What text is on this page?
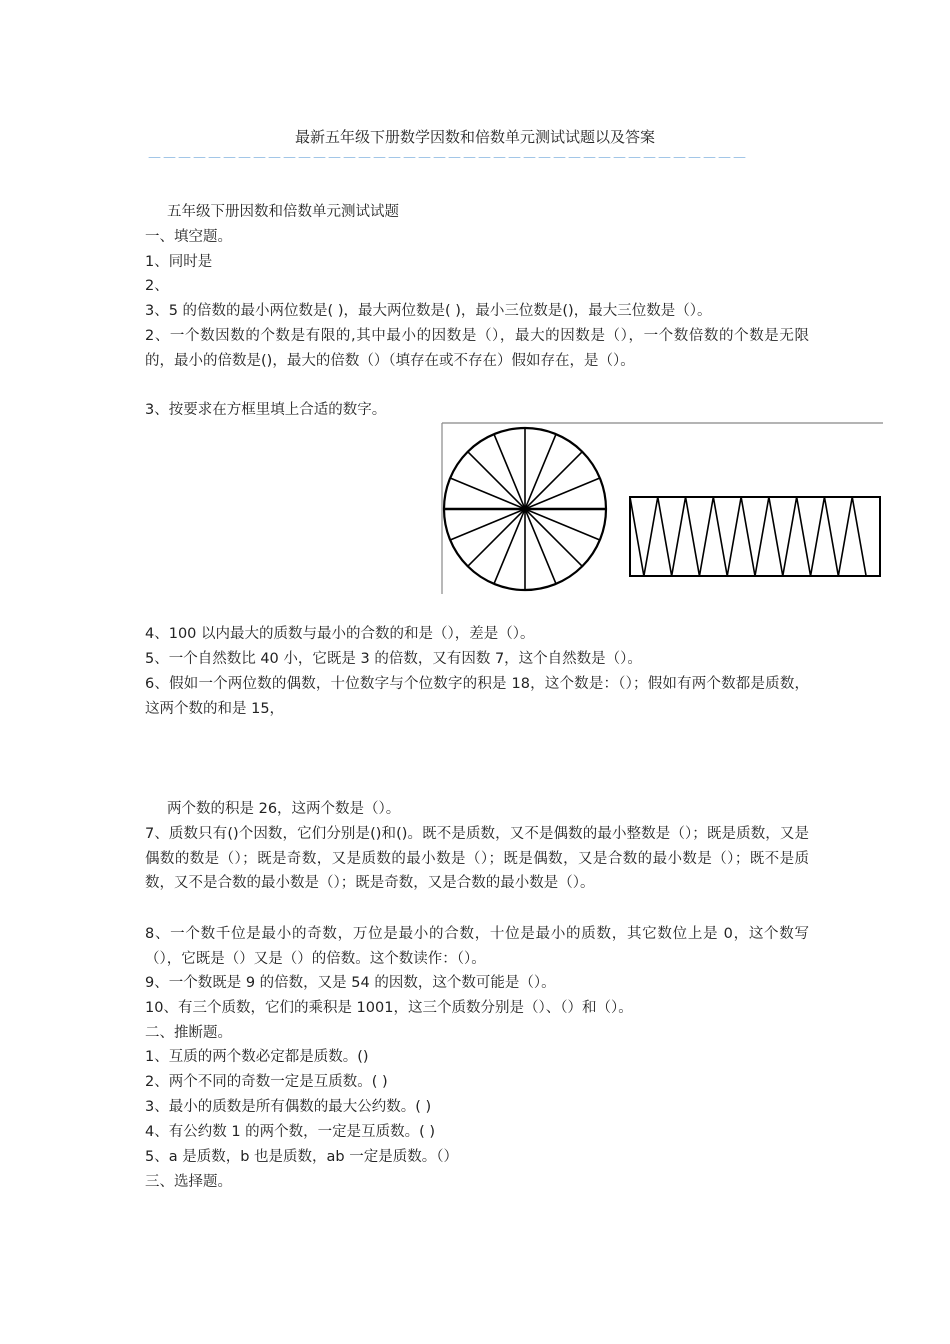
最新五年级下册数学因数和倍数单元测试试题以及答案
————————————————————————————————————————
五年级下册因数和倍数单元测试试题
一、填空题。
1、同时是
2、
3、5 的倍数的最小两位数是( )，最大两位数是( )，最小三位数是()，最大三位数是（）。
2、一个数因数的个数是有限的,其中最小的因数是（），最大的因数是（），一个数倍数的个数是无限的，最小的倍数是()，最大的倍数（）（填存在或不存在）假如存在，是（）。
3、按要求在方框里填上合适的数字。
4、100 以内最大的质数与最小的合数的和是（），差是（）。
5、一个自然数比 40 小，它既是 3 的倍数，又有因数 7，这个自然数是（）。
6、假如一个两位数的偶数，十位数字与个位数字的积是 18，这个数是：（）；假如有两个数都是质数，这两个数的和是 15，
两个数的积是 26，这两个数是（）。
7、质数只有()个因数，它们分别是()和()。既不是质数，又不是偶数的最小整数是（）；既是质数，又是偶数的数是（）；既是奇数，又是质数的最小数是（）；既是偶数，又是合数的最小数是（）；既不是质数，又不是合数的最小数是（）；既是奇数，又是合数的最小数是（）。
8、一个数千位是最小的奇数，万位是最小的合数，十位是最小的质数，其它数位上是 0，这个数写（），它既是（）又是（）的倍数。这个数读作：（）。
9、一个数既是 9 的倍数，又是 54 的因数，这个数可能是（）。
10、有三个质数，它们的乘积是 1001，这三个质数分别是（）、（）和（）。
二、推断题。
1、互质的两个数必定都是质数。()
2、两个不同的奇数一定是互质数。( )
3、最小的质数是所有偶数的最大公约数。( )
4、有公约数 1 的两个数，一定是互质数。( )
5、a 是质数，b 也是质数，ab 一定是质数。（）
三、选择题。
